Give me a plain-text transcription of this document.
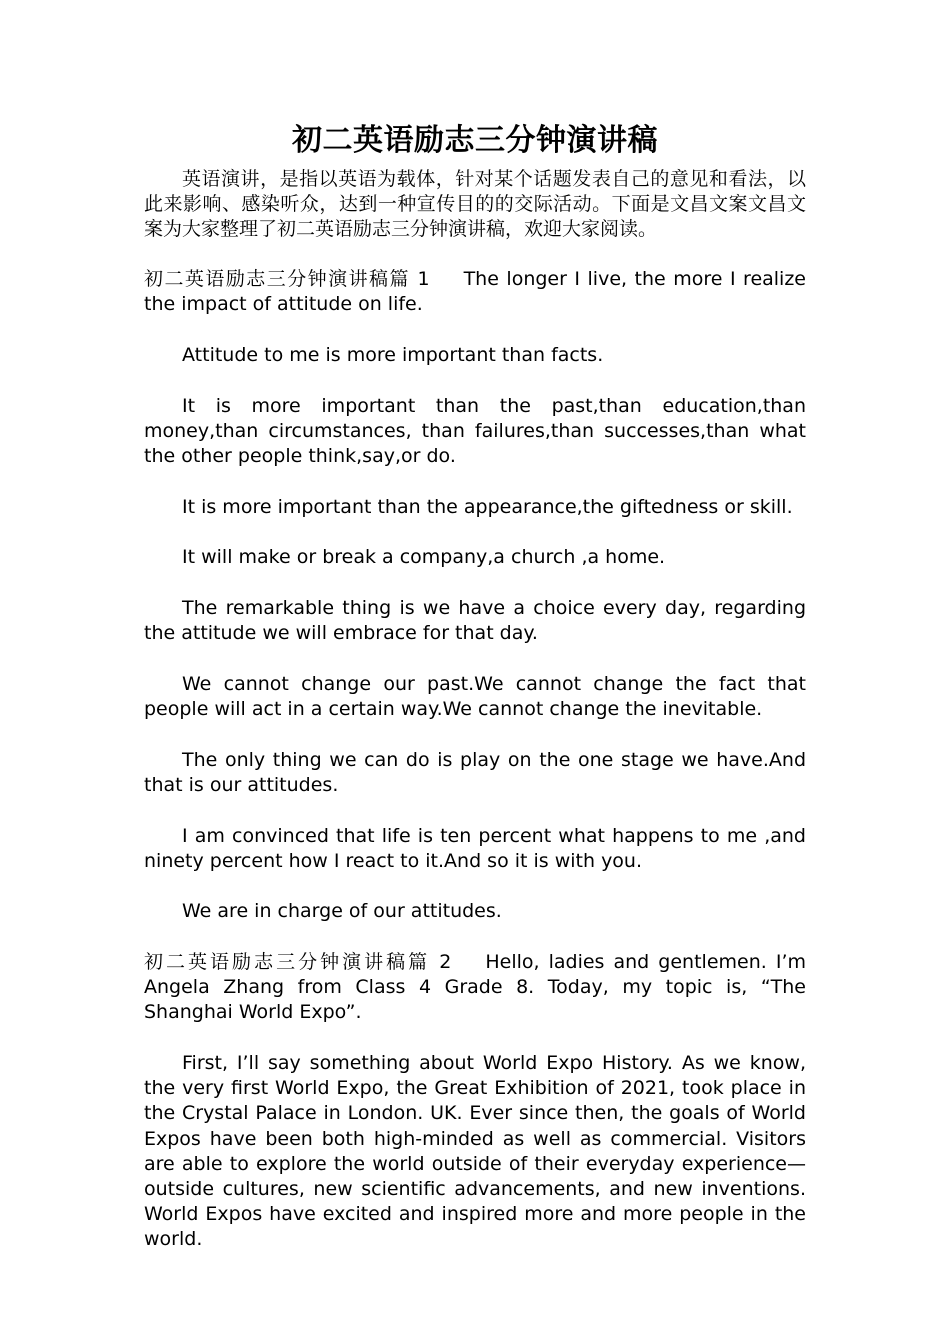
初二英语励志三分钟演讲稿

英语演讲，是指以英语为载体，针对某个话题发表自己的意见和看法，以此来影响、感染听众，达到一种宣传目的的交际活动。下面是文昌文案文昌文案为大家整理了初二英语励志三分钟演讲稿，欢迎大家阅读。

初二英语励志三分钟演讲稿篇 1 The longer I live, the more I realize the impact of attitude on life.

Attitude to me is more important than facts.

It is more important than the past,than education,than money,than circumstances, than failures,than successes,than what the other people think,say,or do.

It is more important than the appearance,the giftedness or skill.

It will make or break a company,a church ,a home.

The remarkable thing is we have a choice every day, regarding the attitude we will embrace for that day.

We cannot change our past.We cannot change the fact that people will act in a certain way.We cannot change the inevitable.

The only thing we can do is play on the one stage we have.And that is our attitudes.

I am convinced that life is ten percent what happens to me ,and ninety percent how I react to it.And so it is with you.

We are in charge of our attitudes.

初二英语励志三分钟演讲稿篇 2 Hello, ladies and gentlemen. I’m Angela Zhang from Class 4 Grade 8. Today, my topic is, “The Shanghai World Expo”.

First, I’ll say something about World Expo History. As we know, the very first World Expo, the Great Exhibition of 2021, took place in the Crystal Palace in London. UK. Ever since then, the goals of World Expos have been both high-minded as well as commercial. Visitors are able to explore the world outside of their everyday experience—outside cultures, new scientific advancements, and new inventions. World Expos have excited and inspired more and more people in the world.
